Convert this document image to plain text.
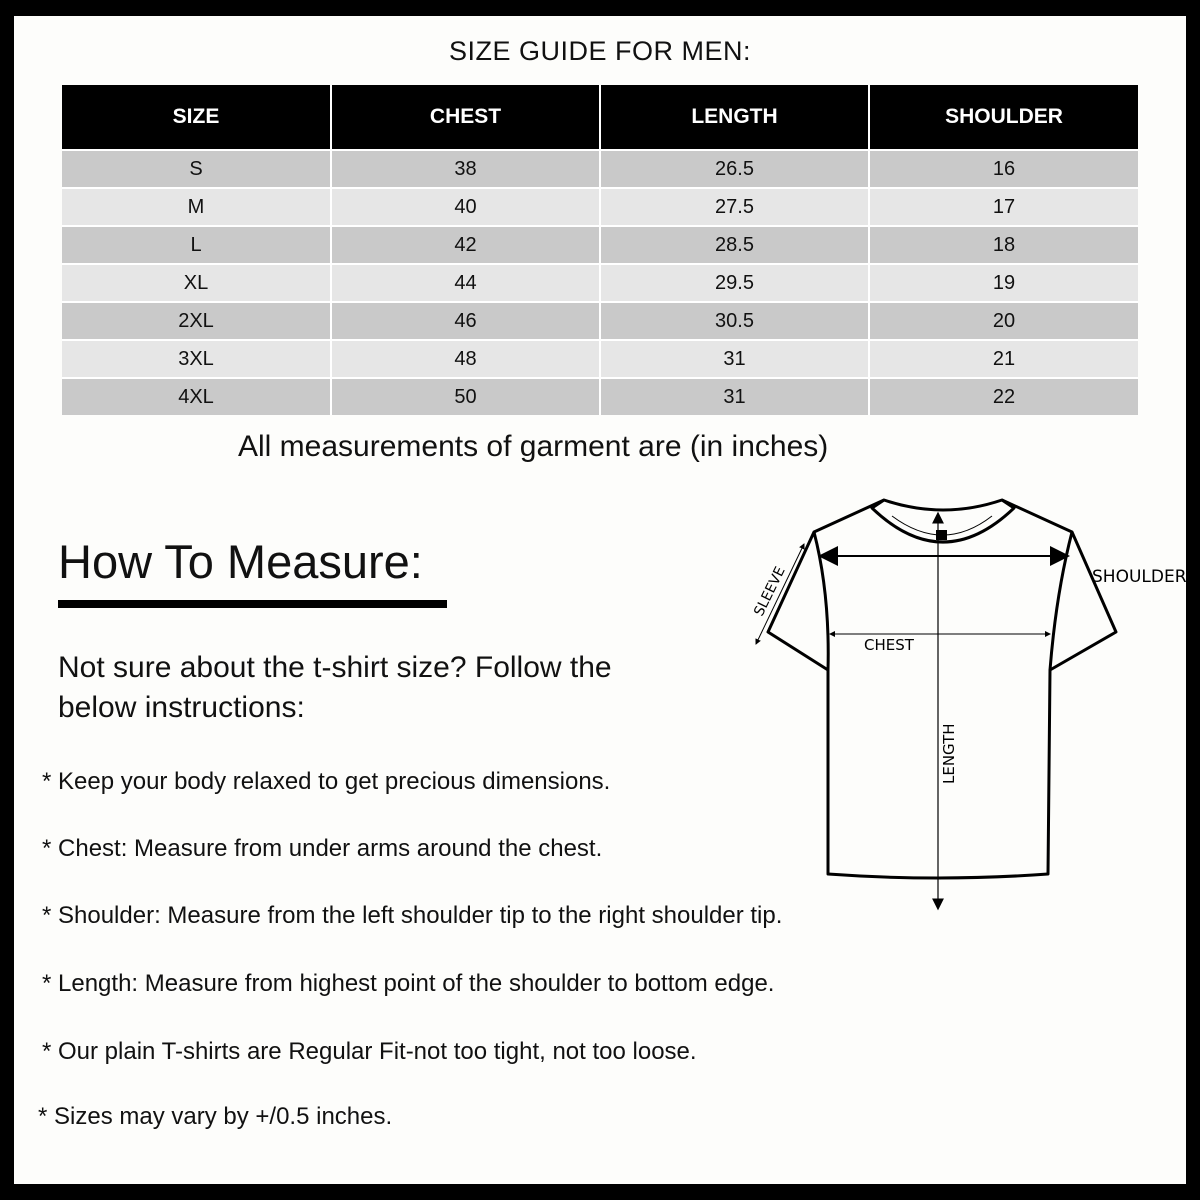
SIZE GUIDE FOR MEN:
SIZE	CHEST	LENGTH	SHOULDER
S	38	26.5	16
M	40	27.5	17
L	42	28.5	18
XL	44	29.5	19
2XL	46	30.5	20
3XL	48	31	21
4XL	50	31	22
All measurements of garment are (in inches)
How To Measure:
Not sure about the t-shirt size? Follow the below instructions:
* Keep your body relaxed to get precious dimensions.
* Chest: Measure from under arms around the chest.
* Shoulder: Measure from the left shoulder tip to the right shoulder tip.
* Length: Measure from highest point of the shoulder to bottom edge.
* Our plain T-shirts are Regular Fit-not too tight, not too loose.
* Sizes may vary by +/0.5 inches.
CHEST
SHOULDER
SLEEVE
LENGTH
